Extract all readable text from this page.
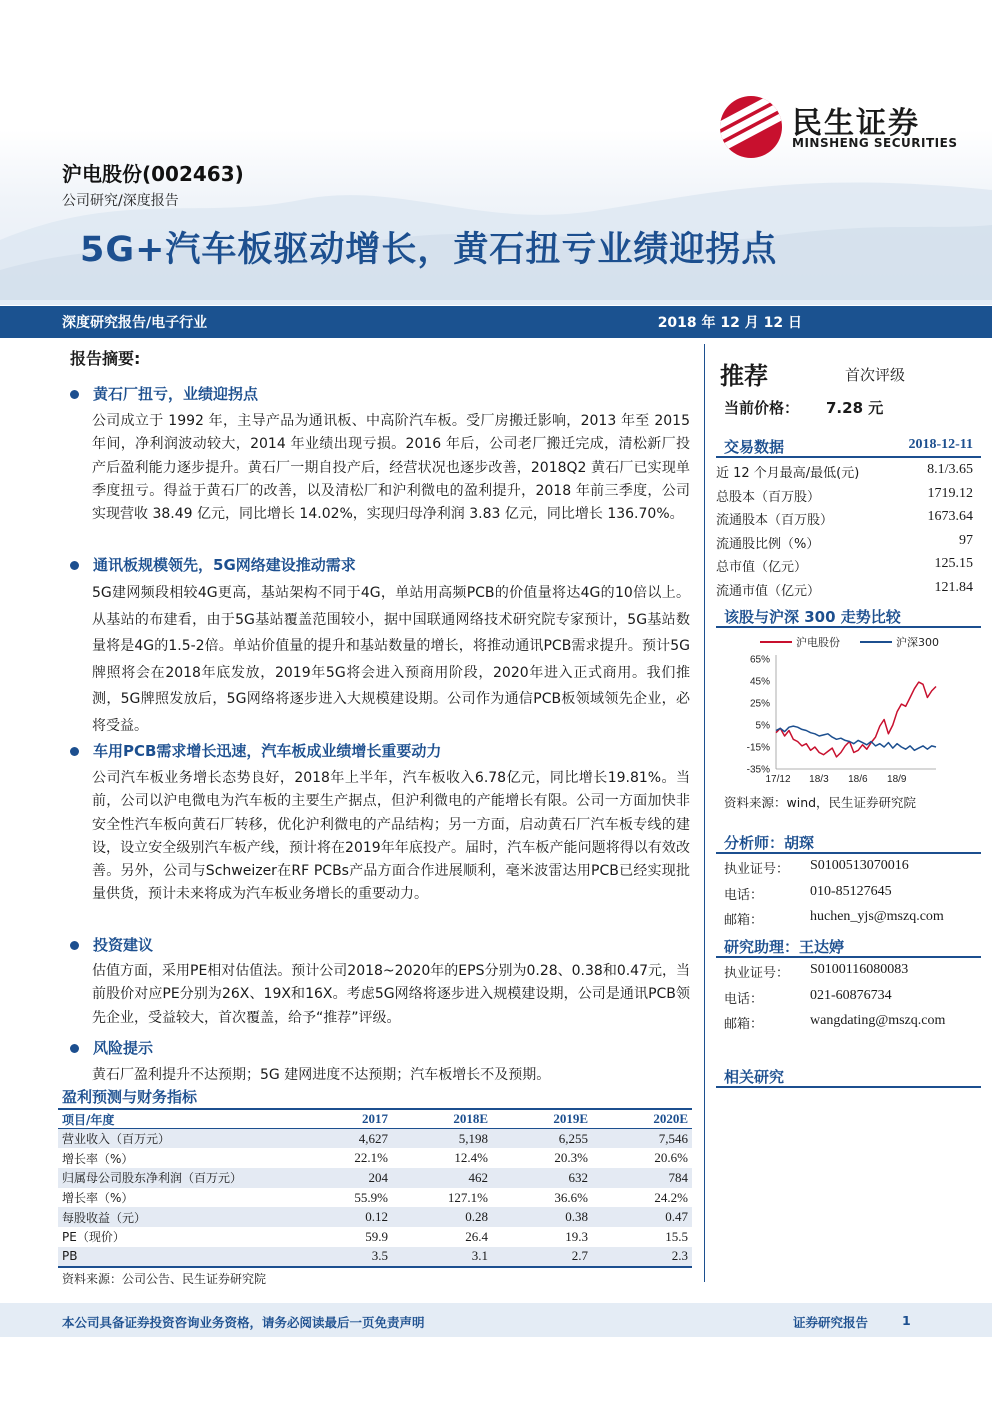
民生证券
MINSHENG SECURITIES
沪电股份(002463)
公司研究/深度报告
5G+汽车板驱动增长，黄石扭亏业绩迎拐点
深度研究报告/电子行业	2018 年 12 月 12 日
报告摘要:
黄石厂扭亏，业绩迎拐点
公司成立于 1992 年，主导产品为通讯板、中高阶汽车板。受厂房搬迁影响，2013 年至 2015 年间，净利润波动较大，2014 年业绩出现亏损。2016 年后，公司老厂搬迁完成，清松新厂投产后盈利能力逐步提升。黄石厂一期自投产后，经营状况也逐步改善，2018Q2 黄石厂已实现单季度扭亏。得益于黄石厂的改善，以及清松厂和沪利微电的盈利提升，2018 年前三季度，公司实现营收 38.49 亿元，同比增长 14.02%，实现归母净利润 3.83 亿元，同比增长 136.70%。
通讯板规模领先，5G网络建设推动需求
5G建网频段相较4G更高，基站架构不同于4G，单站用高频PCB的价值量将达4G的10倍以上。从基站的布建看，由于5G基站覆盖范围较小，据中国联通网络技术研究院专家预计，5G基站数量将是4G的1.5-2倍。单站价值量的提升和基站数量的增长，将推动通讯PCB需求提升。预计5G牌照将会在2018年底发放，2019年5G将会进入预商用阶段，2020年进入正式商用。我们推测，5G牌照发放后，5G网络将逐步进入大规模建设期。公司作为通信PCB板领域领先企业，必将受益。
车用PCB需求增长迅速，汽车板成业绩增长重要动力
公司汽车板业务增长态势良好，2018年上半年，汽车板收入6.78亿元，同比增长19.81%。当前，公司以沪电微电为汽车板的主要生产据点，但沪利微电的产能增长有限。公司一方面加快非安全性汽车板向黄石厂转移，优化沪利微电的产品结构；另一方面，启动黄石厂汽车板专线的建设，设立安全级别汽车板产线，预计将在2019年年底投产。届时，汽车板产能问题将得以有效改善。另外，公司与Schweizer在RF PCBs产品方面合作进展顺利，毫米波雷达用PCB已经实现批量供货，预计未来将成为汽车板业务增长的重要动力。
投资建议
估值方面，采用PE相对估值法。预计公司2018~2020年的EPS分别为0.28、0.38和0.47元，当前股价对应PE分别为26X、19X和16X。考虑5G网络将逐步进入规模建设期，公司是通讯PCB领先企业，受益较大，首次覆盖，给予“推荐”评级。
风险提示
黄石厂盈利提升不达预期；5G 建网进度不达预期；汽车板增长不及预期。
推荐	首次评级
当前价格： 7.28 元
交易数据	2018-12-11
近 12 个月最高/最低(元)	8.1/3.65
总股本（百万股）	1719.12
流通股本（百万股）	1673.64
流通股比例（%）	97
总市值（亿元）	125.15
流通市值（亿元）	121.84
该股与沪深 300 走势比较
65%
45%
25%
5%
-15%
-35%
17/12 18/3 18/6 18/9
沪电股份	沪深300
资料来源：wind，民生证券研究院
分析师：胡琛
执业证号： S0100513070016
电话：	010-85127645
邮箱：	huchen_yjs@mszq.com
研究助理：王达婷
执业证号： S0100116080083
电话：	021-60876734
邮箱：	wangdating@mszq.com
相关研究
盈利预测与财务指标
项目/年度	2017	2018E	2019E	2020E
营业收入（百万元）	4,627	5,198	6,255	7,546
增长率（%）	22.1%	12.4%	20.3%	20.6%
归属母公司股东净利润（百万元）	204	462	632	784
增长率（%）	55.9%	127.1%	36.6%	24.2%
每股收益（元）	0.12	0.28	0.38	0.47
PE（现价）	59.9	26.4	19.3	15.5
PB	3.5	3.1	2.7	2.3
资料来源：公司公告、民生证券研究院
本公司具备证券投资咨询业务资格，请务必阅读最后一页免责声明	证券研究报告	1
